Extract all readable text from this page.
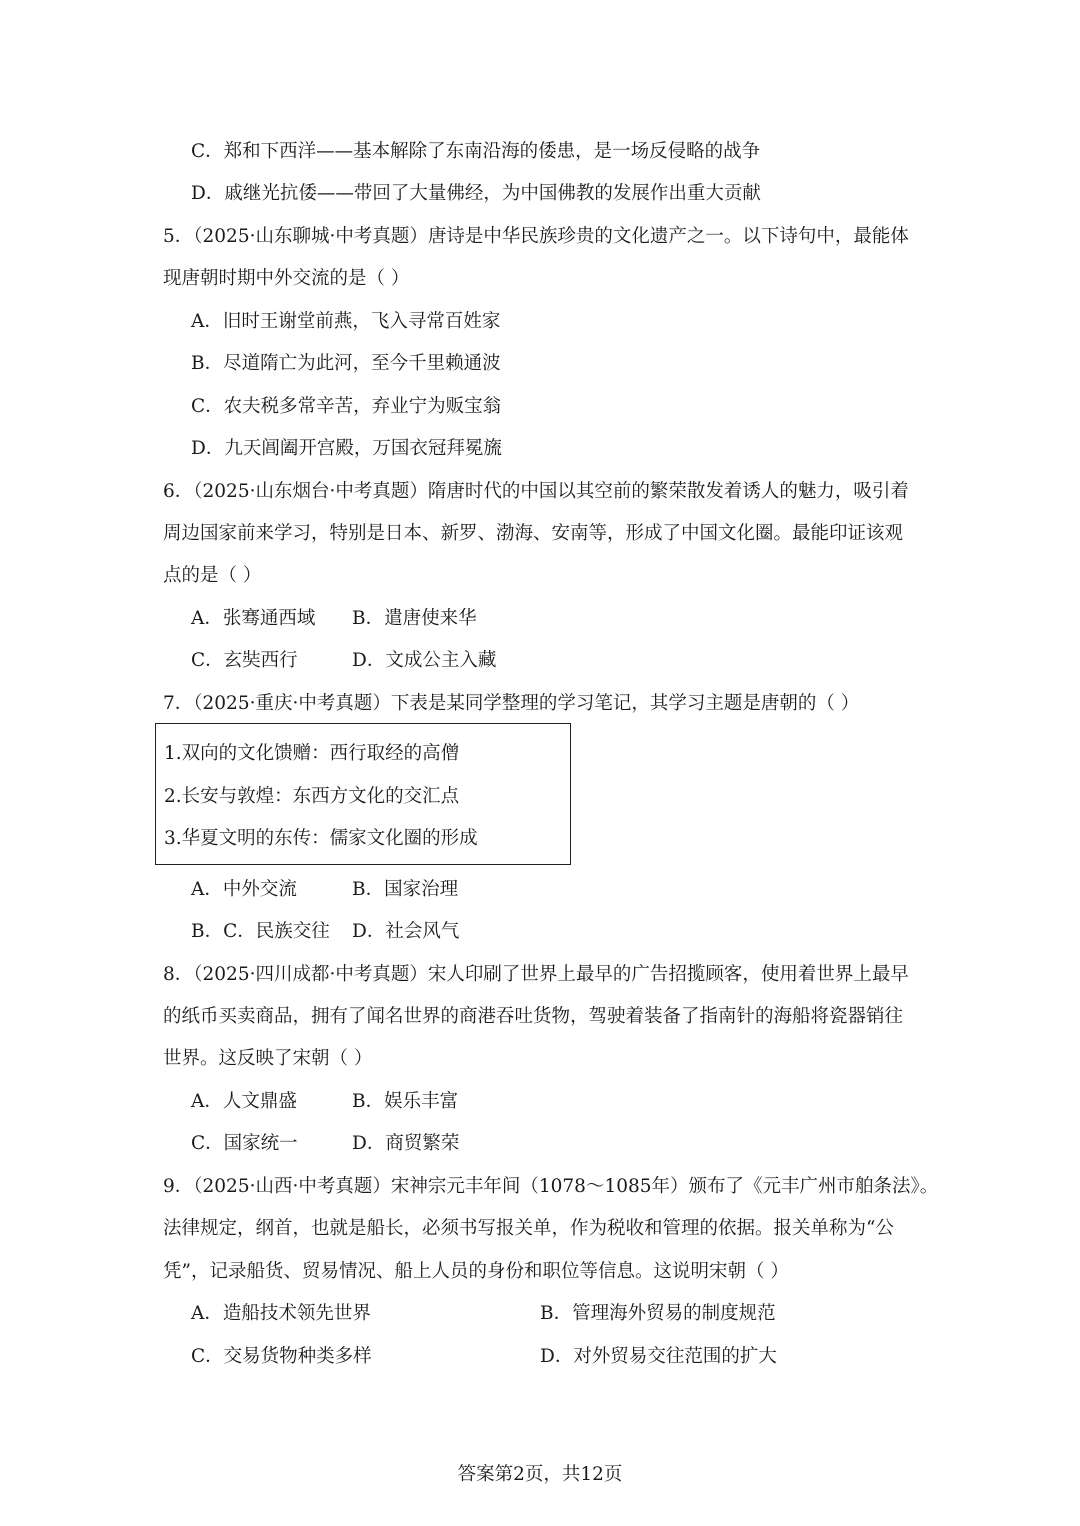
C．郑和下西洋——基本解除了东南沿海的倭患，是一场反侵略的战争
D．戚继光抗倭——带回了大量佛经，为中国佛教的发展作出重大贡献
5．（2025·山东聊城·中考真题）唐诗是中华民族珍贵的文化遗产之一。以下诗句中，最能体
现唐朝时期中外交流的是（ ）
A．旧时王谢堂前燕，飞入寻常百姓家
B．尽道隋亡为此河，至今千里赖通波
C．农夫税多常辛苦，弃业宁为贩宝翁
D．九天阊阖开宫殿，万国衣冠拜冕旒
6．（2025·山东烟台·中考真题）隋唐时代的中国以其空前的繁荣散发着诱人的魅力，吸引着
周边国家前来学习，特别是日本、新罗、渤海、安南等，形成了中国文化圈。最能印证该观
点的是（ ）
A．张骞通西域 B．遣唐使来华
C．玄奘西行	D．文成公主入藏
7．（2025·重庆·中考真题）下表是某同学整理的学习笔记，其学习主题是唐朝的（ ）
1.双向的文化馈赠：西行取经的高僧
2.长安与敦煌：东西方文化的交汇点
3.华夏文明的东传：儒家文化圈的形成
A．中外交流	B．国家治理
B．C．民族交往 D．社会风气
8．（2025·四川成都·中考真题）宋人印刷了世界上最早的广告招揽顾客，使用着世界上最早
的纸币买卖商品，拥有了闻名世界的商港吞吐货物，驾驶着装备了指南针的海船将瓷器销往
世界。这反映了宋朝（ ）
A．人文鼎盛	B．娱乐丰富
C．国家统一	D．商贸繁荣
9．（2025·山西·中考真题）宋神宗元丰年间（1078～1085年）颁布了《元丰广州市舶条法》。
法律规定，纲首，也就是船长，必须书写报关单，作为税收和管理的依据。报关单称为“公
凭”，记录船货、贸易情况、船上人员的身份和职位等信息。这说明宋朝（ ）
A．造船技术领先世界	B．管理海外贸易的制度规范
C．交易货物种类多样	D．对外贸易交往范围的扩大
答案第2页，共12页
